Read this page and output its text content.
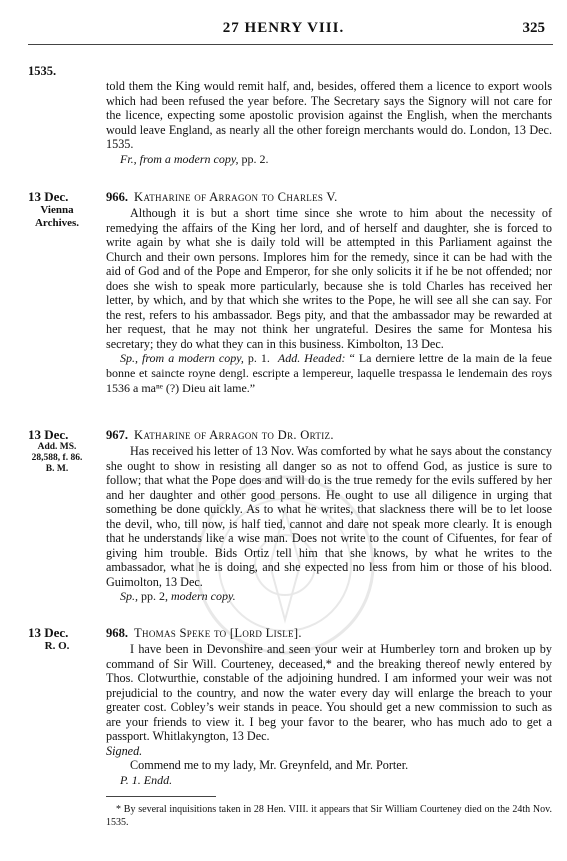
27 HENRY VIII.	325
1535.

told them the King would remit half, and, besides, offered them a licence to export wools which had been refused the year before. The Secretary says the Signory will not care for the licence, expecting some apostolic provision against the English, when the merchants would leave England, as nearly all the other foreign merchants would do. London, 13 Dec. 1535.

Fr., from a modern copy, pp. 2.

13 Dec.
Vienna Archives.
966. Katharine of Arragon to Charles V.

Although it is but a short time since she wrote to him about the necessity of remedying the affairs of the King her lord, and of herself and daughter, she is forced to write again by what she is daily told will be attempted in this Parliament against the Church and their own persons. Implores him for the remedy, since it can be had with the aid of God and of the Pope and Emperor, for she only solicits it if he be not offended; nor does she wish to speak more particularly, because she is told Charles has received her letter, by which, and by that which she writes to the Pope, he will see all she can say. For the rest, refers to his ambassador. Begs pity, and that the ambassador may be rewarded at her request, that he may not think her ungrateful. Desires the same for Montesa his secretary; they do what they can in this business. Kimbolton, 13 Dec.

Sp., from a modern copy, p. 1. Add. Headed: “ La derniere lettre de la main de la feue bonne et saincte royne dengl. escripte a lempereur, laquelle trespassa le lendemain des roys 1536 a maⁿᵉ (?) Dieu ait lame.”

13 Dec.
Add. MS. 28,588, f. 86. B. M.
967. Katharine of Arragon to Dr. Ortiz.

Has received his letter of 13 Nov. Was comforted by what he says about the constancy she ought to show in resisting all danger so as not to offend God, as justice is sure to follow; that what the Pope does and will do is the true remedy for the evils suffered by her and her daughter and other good persons. He ought to use all diligence in urging that something be done quickly. As to what he writes, that slackness there will be to let loose the devil, who, till now, is half tied, cannot and dare not speak more clearly. It is enough that he understands like a wise man. Does not write to the count of Cifuentes, for fear of giving him trouble. Bids Ortiz tell him that she knows, by what he writes to the ambassador, what he is doing, and she expected no less from him or those of his blood. Guimolton, 13 Dec.

Sp., pp. 2, modern copy.

13 Dec.
R. O.
968. Thomas Speke to [Lord Lisle].

I have been in Devonshire and seen your weir at Humberley torn and broken up by command of Sir Will. Courteney, deceased,* and the breaking thereof newly entered by Thos. Clotwurthie, constable of the adjoining hundred. I am informed your weir was not prejudicial to the country, and now the water every day will enlarge the breach to your greater cost. Cobley’s weir stands in peace. You should get a new commission to such as are your friends to view it. I beg your favor to the bearer, who has much ado to get a passport. Whitlakyngton, 13 Dec.
Signed.

Commend me to my lady, Mr. Greynfeld, and Mr. Porter.

P. 1. Endd.

* By several inquisitions taken in 28 Hen. VIII. it appears that Sir William Courteney died on the 24th Nov. 1535.
